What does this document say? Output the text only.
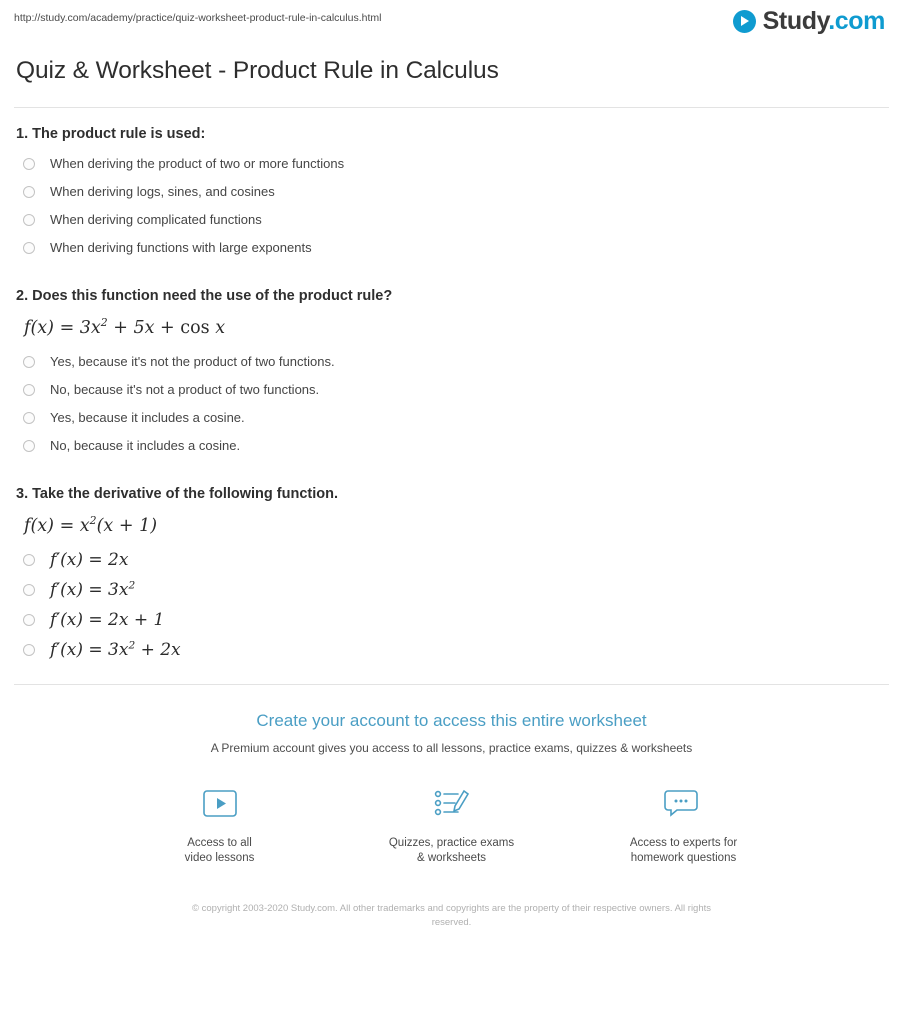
http://study.com/academy/practice/quiz-worksheet-product-rule-in-calculus.html	Study.com
Quiz & Worksheet - Product Rule in Calculus

1. The product rule is used:

When deriving the product of two or more functions
When deriving logs, sines, and cosines
When deriving complicated functions
When deriving functions with large exponents

2. Does this function need the use of the product rule?

$f(x) = 3x^2 + 5x + \cos x$
Yes, because it's not the product of two functions.
No, because it's not a product of two functions.
Yes, because it includes a cosine.
No, because it includes a cosine.

3. Take the derivative of the following function.

$f(x) = x^2(x + 1)$
f′(x) = 2x
$f'(x) = 3x^2$
f′(x) = 2x + 1
$f'(x) = 3x^2 + 2x$

Create your account to access this entire worksheet

A Premium account gives you access to all lessons, practice exams, quizzes & worksheets

Access to all
video lessons
Quizzes, practice exams
& worksheets
Access to experts for
homework questions
© copyright 2003-2020 Study.com. All other trademarks and copyrights are the property of their respective owners. All rights reserved.
